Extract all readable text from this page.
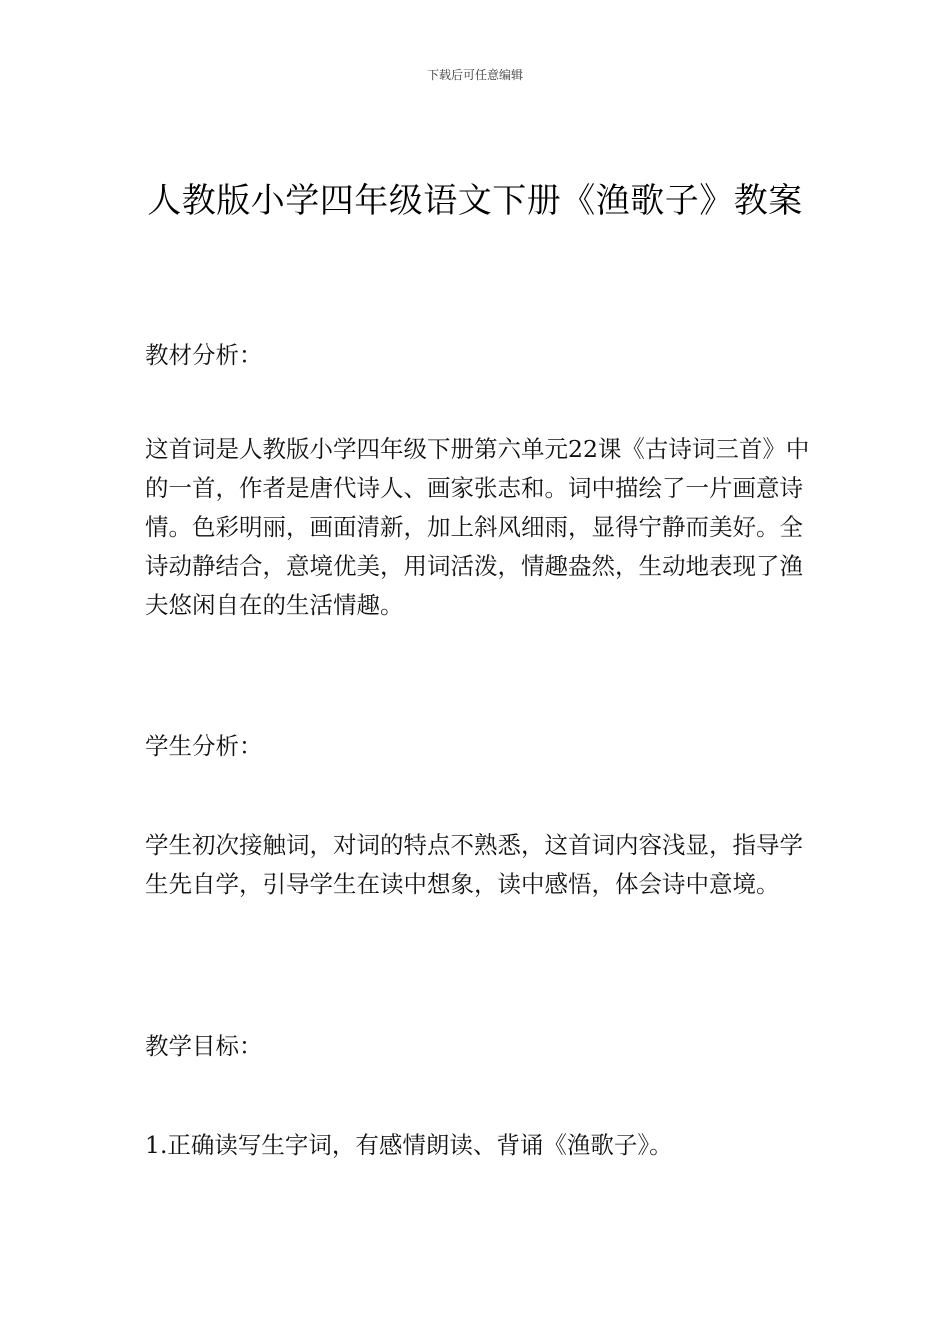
下载后可任意编辑
人教版小学四年级语文下册《渔歌子》教案

教材分析：

这首词是人教版小学四年级下册第六单元22课《古诗词三首》中的一首，作者是唐代诗人、画家张志和。词中描绘了一片画意诗情。色彩明丽，画面清新，加上斜风细雨，显得宁静而美好。全诗动静结合，意境优美，用词活泼，情趣盎然，生动地表现了渔夫悠闲自在的生活情趣。

学生分析：

学生初次接触词，对词的特点不熟悉，这首词内容浅显，指导学生先自学，引导学生在读中想象，读中感悟，体会诗中意境。

教学目标：

1.正确读写生字词，有感情朗读、背诵《渔歌子》。
